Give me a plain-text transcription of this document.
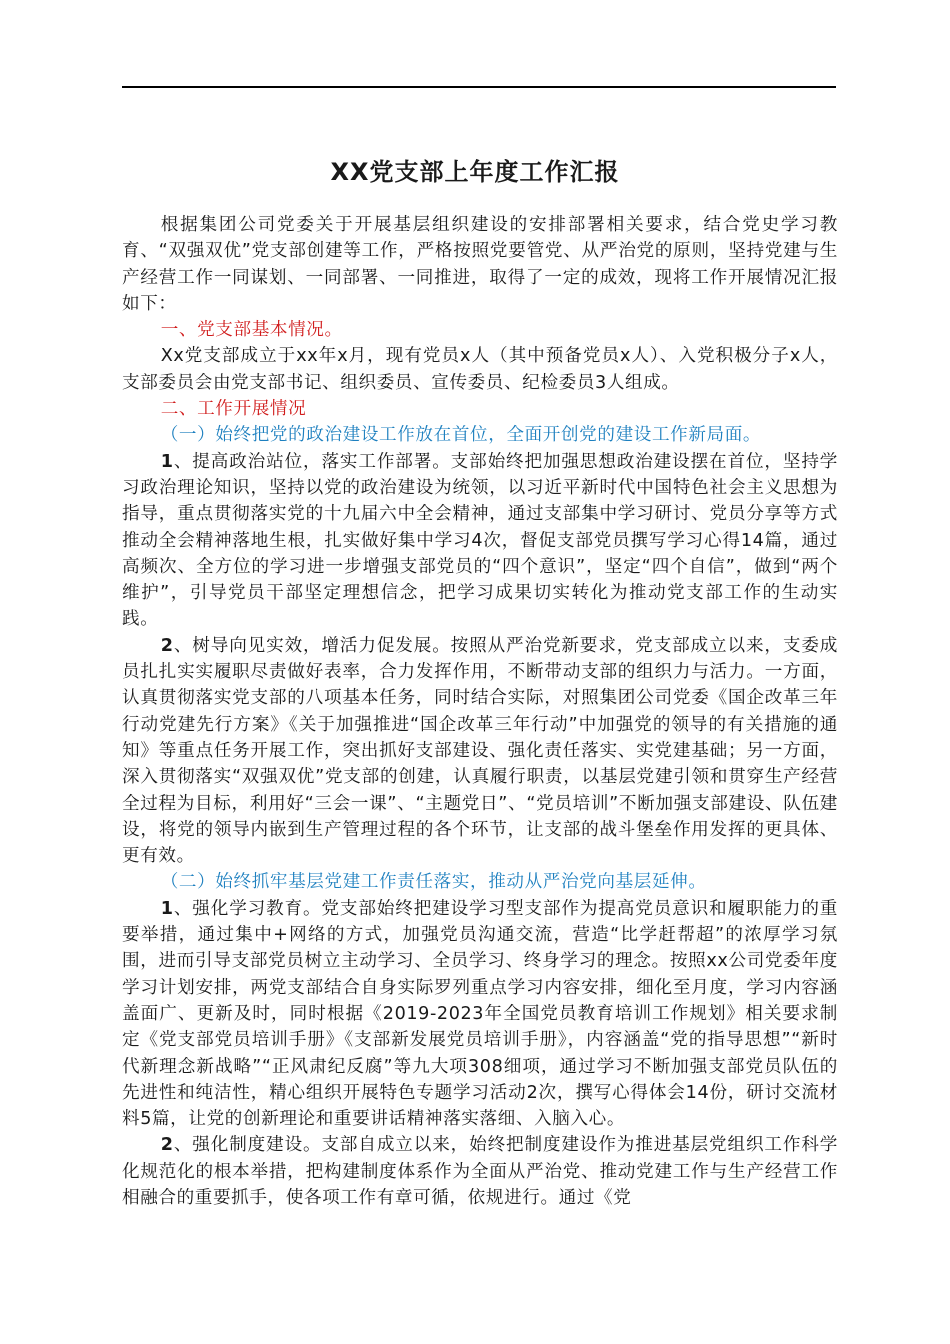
XX党支部上年度工作汇报

根据集团公司党委关于开展基层组织建设的安排部署相关要求，结合党史学习教育、“双强双优”党支部创建等工作，严格按照党要管党、从严治党的原则，坚持党建与生产经营工作一同谋划、一同部署、一同推进，取得了一定的成效，现将工作开展情况汇报如下：

一、党支部基本情况。

Xx党支部成立于xx年x月，现有党员x人（其中预备党员x人）、入党积极分子x人，支部委员会由党支部书记、组织委员、宣传委员、纪检委员3人组成。

二、工作开展情况

（一）始终把党的政治建设工作放在首位，全面开创党的建设工作新局面。

1、提高政治站位，落实工作部署。支部始终把加强思想政治建设摆在首位，坚持学习政治理论知识，坚持以党的政治建设为统领，以习近平新时代中国特色社会主义思想为指导，重点贯彻落实党的十九届六中全会精神，通过支部集中学习研讨、党员分享等方式推动全会精神落地生根，扎实做好集中学习4次，督促支部党员撰写学习心得14篇，通过高频次、全方位的学习进一步增强支部党员的“四个意识”，坚定“四个自信”，做到“两个维护”，引导党员干部坚定理想信念，把学习成果切实转化为推动党支部工作的生动实践。

2、树导向见实效，增活力促发展。按照从严治党新要求，党支部成立以来，支委成员扎扎实实履职尽责做好表率，合力发挥作用，不断带动支部的组织力与活力。一方面，认真贯彻落实党支部的八项基本任务，同时结合实际，对照集团公司党委《国企改革三年行动党建先行方案》《关于加强推进“国企改革三年行动”中加强党的领导的有关措施的通知》等重点任务开展工作，突出抓好支部建设、强化责任落实、实党建基础；另一方面，深入贯彻落实“双强双优”党支部的创建，认真履行职责，以基层党建引领和贯穿生产经营全过程为目标，利用好“三会一课”、“主题党日”、“党员培训”不断加强支部建设、队伍建设，将党的领导内嵌到生产管理过程的各个环节，让支部的战斗堡垒作用发挥的更具体、更有效。

（二）始终抓牢基层党建工作责任落实，推动从严治党向基层延伸。

1、强化学习教育。党支部始终把建设学习型支部作为提高党员意识和履职能力的重要举措，通过集中+网络的方式，加强党员沟通交流，营造“比学赶帮超”的浓厚学习氛围，进而引导支部党员树立主动学习、全员学习、终身学习的理念。按照xx公司党委年度学习计划安排，两党支部结合自身实际罗列重点学习内容安排，细化至月度，学习内容涵盖面广、更新及时，同时根据《2019-2023年全国党员教育培训工作规划》相关要求制定《党支部党员培训手册》《支部新发展党员培训手册》，内容涵盖“党的指导思想”“新时代新理念新战略”“正风肃纪反腐”等九大项308细项，通过学习不断加强支部党员队伍的先进性和纯洁性，精心组织开展特色专题学习活动2次，撰写心得体会14份，研讨交流材料5篇，让党的创新理论和重要讲话精神落实落细、入脑入心。

2、强化制度建设。支部自成立以来，始终把制度建设作为推进基层党组织工作科学化规范化的根本举措，把构建制度体系作为全面从严治党、推动党建工作与生产经营工作相融合的重要抓手，使各项工作有章可循，依规进行。通过《党
